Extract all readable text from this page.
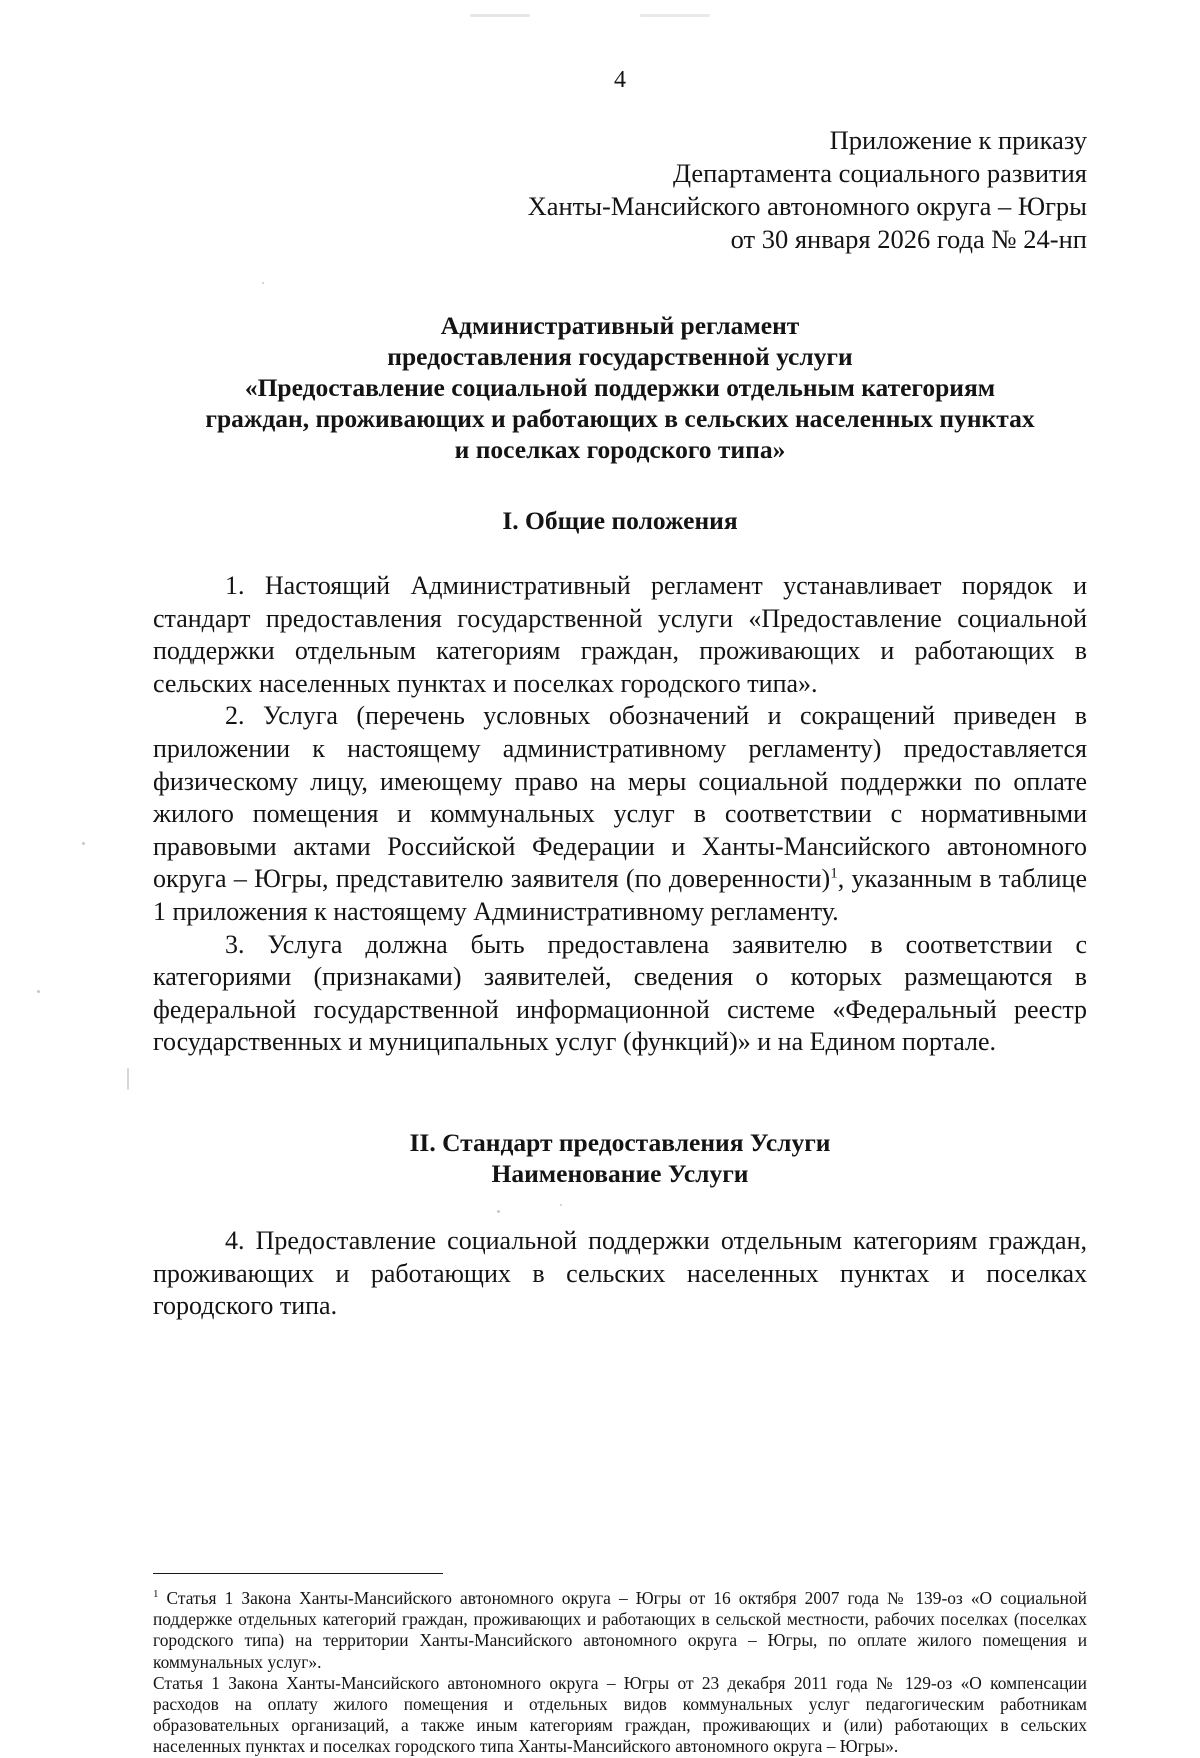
4
Приложение к приказу
Департамента социального развития
Ханты-Мансийского автономного округа – Югры
от 30 января 2026 года № 24-нп
Административный регламент
предоставления государственной услуги
«Предоставление социальной поддержки отдельным категориям
граждан, проживающих и работающих в сельских населенных пунктах
и поселках городского типа»
I. Общие положения

1. Настоящий Административный регламент устанавливает порядок и стандарт предоставления государственной услуги «Предоставление социальной поддержки отдельным категориям граждан, проживающих и работающих в сельских населенных пунктах и поселках городского типа».

2. Услуга (перечень условных обозначений и сокращений приведен в приложении к настоящему административному регламенту) предоставляется физическому лицу, имеющему право на меры социальной поддержки по оплате жилого помещения и коммунальных услуг в соответствии с нормативными правовыми актами Российской Федерации и Ханты-Мансийского автономного округа – Югры, представителю заявителя (по доверенности)$^1$, указанным в таблице 1 приложения к настоящему Административному регламенту.

3. Услуга должна быть предоставлена заявителю в соответствии с категориями (признаками) заявителей, сведения о которых размещаются в федеральной государственной информационной системе «Федеральный реестр государственных и муниципальных услуг (функций)» и на Едином портале.

II. Стандарт предоставления Услуги
Наименование Услуги

4. Предоставление социальной поддержки отдельным категориям граждан, проживающих и работающих в сельских населенных пунктах и поселках городского типа.

$^1$ Статья 1 Закона Ханты-Мансийского автономного округа – Югры от 16 октября 2007 года № 139-оз «О социальной поддержке отдельных категорий граждан, проживающих и работающих в сельской местности, рабочих поселках (поселках городского типа) на территории Ханты-Мансийского автономного округа – Югры, по оплате жилого помещения и коммунальных услуг».

Статья 1 Закона Ханты-Мансийского автономного округа – Югры от 23 декабря 2011 года № 129-оз «О компенсации расходов на оплату жилого помещения и отдельных видов коммунальных услуг педагогическим работникам образовательных организаций, а также иным категориям граждан, проживающих и (или) работающих в сельских населенных пунктах и поселках городского типа Ханты-Мансийского автономного округа – Югры».
